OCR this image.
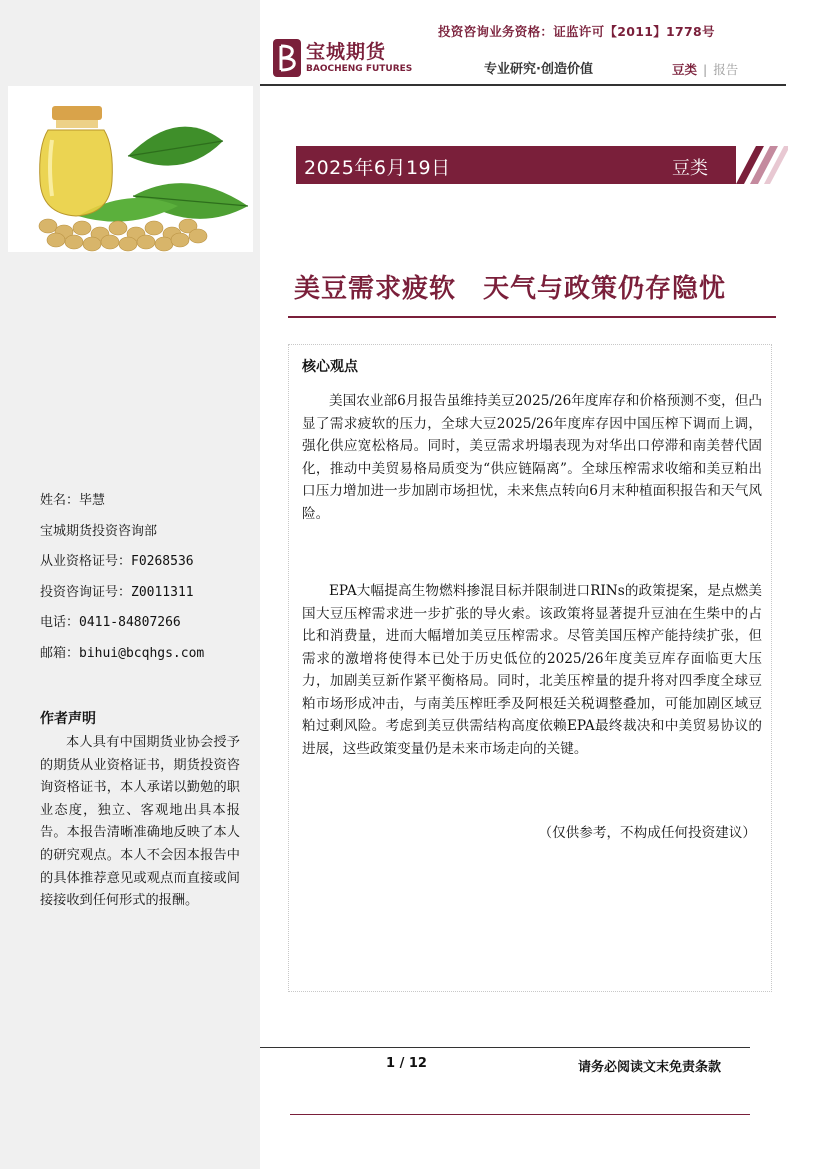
投资咨询业务资格：证监许可【2011】1778号
宝城期货
BAOCHENG FUTURES	专业研究·创造价值	豆类 | 报告
2025年6月19日	豆类
美豆需求疲软　天气与政策仍存隐忧
核心观点

美国农业部6月报告虽维持美豆2025/26年度库存和价格预测不变，但凸显了需求疲软的压力，全球大豆2025/26年度库存因中国压榨下调而上调，强化供应宽松格局。同时，美豆需求坍塌表现为对华出口停滞和南美替代固化，推动中美贸易格局质变为“供应链隔离”。全球压榨需求收缩和美豆粕出口压力增加进一步加剧市场担忧，未来焦点转向6月末种植面积报告和天气风险。

EPA大幅提高生物燃料掺混目标并限制进口RINs的政策提案，是点燃美国大豆压榨需求进一步扩张的导火索。该政策将显著提升豆油在生柴中的占比和消费量，进而大幅增加美豆压榨需求。尽管美国压榨产能持续扩张，但需求的激增将使得本已处于历史低位的2025/26年度美豆库存面临更大压力，加剧美豆新作紧平衡格局。同时，北美压榨量的提升将对四季度全球豆粕市场形成冲击，与南美压榨旺季及阿根廷关税调整叠加，可能加剧区域豆粕过剩风险。考虑到美豆供需结构高度依赖EPA最终裁决和中美贸易协议的进展，这些政策变量仍是未来市场走向的关键。

（仅供参考，不构成任何投资建议）
姓名：毕慧
宝城期货投资咨询部
从业资格证号：F0268536
投资咨询证号：Z0011311
电话：0411-84807266
邮箱：bihui@bcqhgs.com
作者声明

本人具有中国期货业协会授予的期货从业资格证书，期货投资咨询资格证书，本人承诺以勤勉的职业态度，独立、客观地出具本报告。本报告清晰准确地反映了本人的研究观点。本人不会因本报告中的具体推荐意见或观点而直接或间接接收到任何形式的报酬。

1 / 12	请务必阅读文末免责条款
